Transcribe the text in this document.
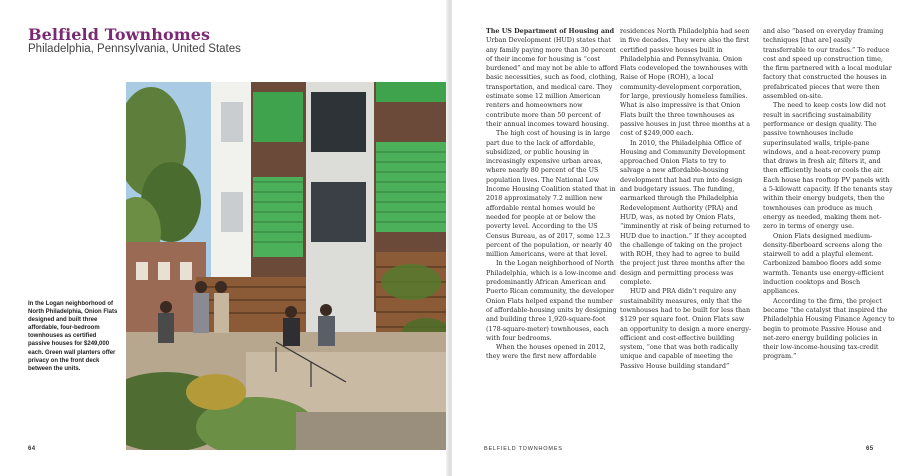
Belfield Townhomes

Philadelphia, Pennsylvania, United States

In the Logan neighborhood of North Philadelphia, Onion Flats designed and built three affordable, four-bedroom townhouses as certified passive houses for $249,000 each. Green wall planters offer privacy on the front deck between the units.
64

The US Department of Housing and Urban Development (HUD) states that any family paying more than 30 percent of their income for housing is “cost burdened” and may not be able to afford basic necessities, such as food, clothing, transportation, and medical care. They estimate some 12 million American renters and homeowners now contribute more than 50 percent of their annual incomes toward housing.

The high cost of housing is in large part due to the lack of affordable, subsidized, or public housing in increasingly expensive urban areas, where nearly 80 percent of the US population lives. The National Low Income Housing Coalition stated that in 2018 approximately 7.2 million new affordable rental homes would be needed for people at or below the poverty level. According to the US Census Bureau, as of 2017, some 12.3 percent of the population, or nearly 40 million Americans, were at that level.

In the Logan neighborhood of North Philadelphia, which is a low-income and predominantly African American and Puerto Rican community, the developer Onion Flats helped expand the number of affordable-housing units by designing and building three 1,920-square-foot (178-square-meter) townhouses, each with four bedrooms.

When the houses opened in 2012, they were the first new affordable

residences North Philadelphia had seen in five decades. They were also the first certified passive houses built in Philadelphia and Pennsylvania. Onion Flats codeveloped the townhouses with Raise of Hope (ROH), a local community-development corporation, for large, previously homeless families. What is also impressive is that Onion Flats built the three townhouses as passive houses in just three months at a cost of $249,000 each.

In 2010, the Philadelphia Office of Housing and Community Development approached Onion Flats to try to salvage a new affordable-housing development that had run into design and budgetary issues. The funding, earmarked through the Philadelphia Redevelopment Authority (PRA) and HUD, was, as noted by Onion Flats, “imminently at risk of being returned to HUD due to inaction.” If they accepted the challenge of taking on the project with ROH, they had to agree to build the project just three months after the design and permitting process was complete.

HUD and PRA didn’t require any sustainability measures, only that the townhouses had to be built for less than $129 per square foot. Onion Flats saw an opportunity to design a more energy-efficient and cost-effective building system, “one that was both radically unique and capable of meeting the Passive House building standard”

and also “based on everyday framing techniques [that are] easily transferrable to our trades.” To reduce cost and speed up construction time, the firm partnered with a local modular factory that constructed the houses in prefabricated pieces that were then assembled on-site.

The need to keep costs low did not result in sacrificing sustainability performance or design quality. The passive townhouses include superinsulated walls, triple-pane windows, and a heat-recovery pump that draws in fresh air, filters it, and then efficiently heats or cools the air. Each house has rooftop PV panels with a 5-kilowatt capacity. If the tenants stay within their energy budgets, then the townhouses can produce as much energy as needed, making them net-zero in terms of energy use.

Onion Flats designed medium-density-fiberboard screens along the stairwell to add a playful element. Carbonized bamboo floors add some warmth. Tenants use energy-efficient induction cooktops and Bosch appliances.

According to the firm, the project became “the catalyst that inspired the Philadelphia Housing Finance Agency to begin to promote Passive House and net-zero energy building policies in their low-income-housing tax-credit program.”

BELFIELD TOWNHOMES	65
